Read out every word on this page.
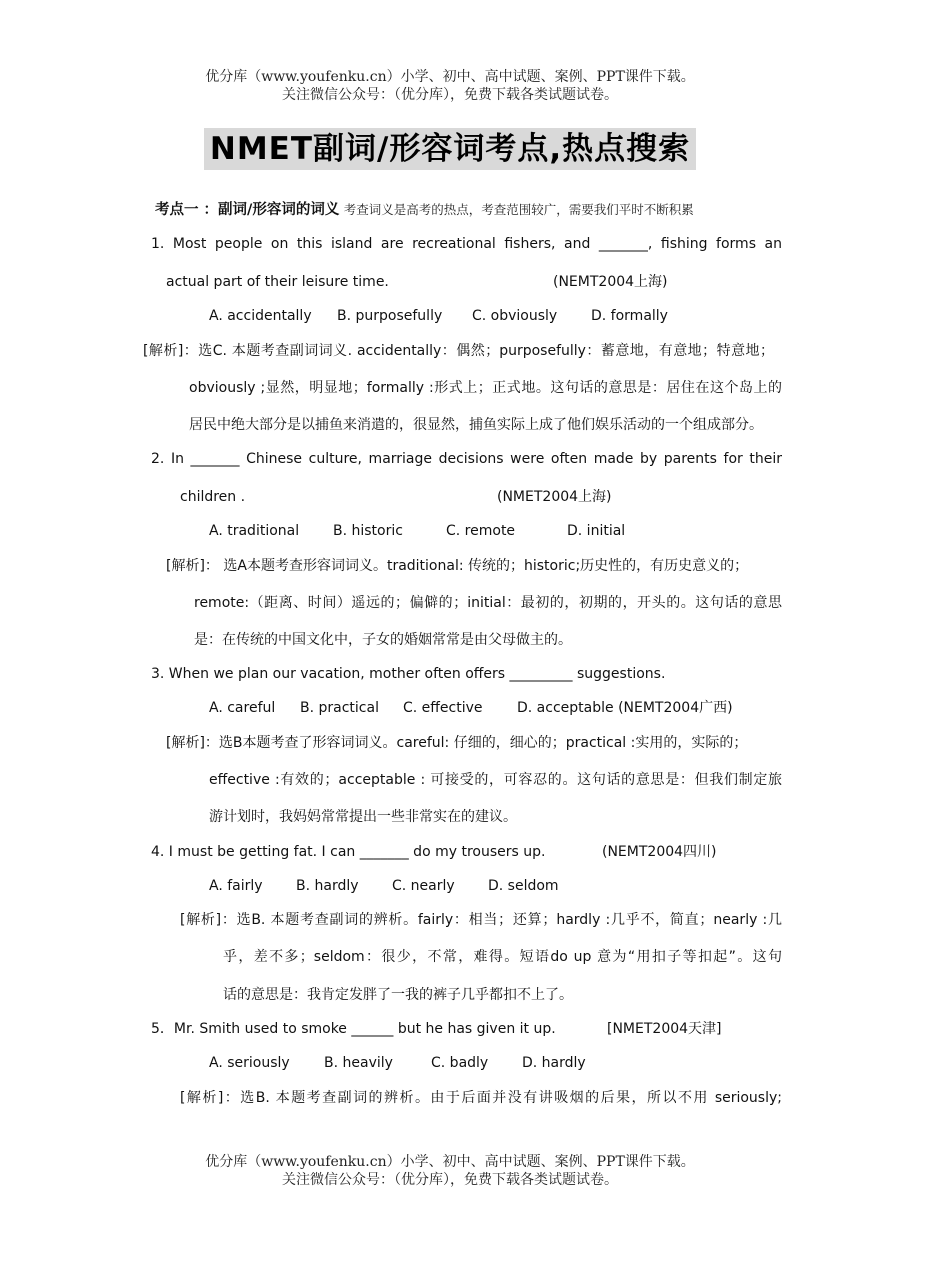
优分库（www.youfenku.cn）小学、初中、高中试题、案例、PPT课件下载。
关注微信公众号：（优分库），免费下载各类试题试卷。
NMET副词/形容词考点,热点搜索
考点一 ：副词/形容词的词义 考查词义是高考的热点，考查范围较广，需要我们平时不断积累
1. Most people on this island are recreational fishers, and _______, fishing forms an
actual part of their leisure time.	(NEMT2004上海)
A. accidentally B. purposefully C. obviously D. formally
[解析]：选C. 本题考查副词词义. accidentally：偶然；purposefully：蓄意地，有意地；特意地；
obviously ;显然，明显地；formally :形式上；正式地。这句话的意思是：居住在这个岛上的
居民中绝大部分是以捕鱼来消遣的，很显然，捕鱼实际上成了他们娱乐活动的一个组成部分。
2. In _______ Chinese culture, marriage decisions were often made by parents for their
children .	(NMET2004上海)
A. traditional B. historic	C. remote	D. initial
[解析]： 选A本题考查形容词词义。traditional: 传统的；historic;历史性的，有历史意义的；
remote:（距离、时间）遥远的；偏僻的；initial：最初的，初期的，开头的。这句话的意思
是：在传统的中国文化中，子女的婚姻常常是由父母做主的。
3. When we plan our vacation, mother often offers _________ suggestions.
A. careful B. practical C. effective D. acceptable (NEMT2004广西)
[解析]：选B本题考查了形容词词义。careful: 仔细的，细心的；practical :实用的，实际的；
effective :有效的；acceptable : 可接受的，可容忍的。这句话的意思是：但我们制定旅
游计划时，我妈妈常常提出一些非常实在的建议。
4. I must be getting fat. I can _______ do my trousers up.	(NEMT2004四川)
A. fairly B. hardly C. nearly D. seldom
[解析]：选B. 本题考查副词的辨析。fairly：相当；还算；hardly :几乎不，简直；nearly :几
乎，差不多；seldom：很少，不常，难得。短语do up 意为“用扣子等扣起”。这句
话的意思是：我肯定发胖了一我的裤子几乎都扣不上了。
5．Mr. Smith used to smoke ______ but he has given it up.	[NMET2004天津]
A. seriously B. heavily	C. badly D. hardly
[解析]：选B. 本题考查副词的辨析。由于后面并没有讲吸烟的后果，所以不用 seriously;
优分库（www.youfenku.cn）小学、初中、高中试题、案例、PPT课件下载。
关注微信公众号：（优分库），免费下载各类试题试卷。
